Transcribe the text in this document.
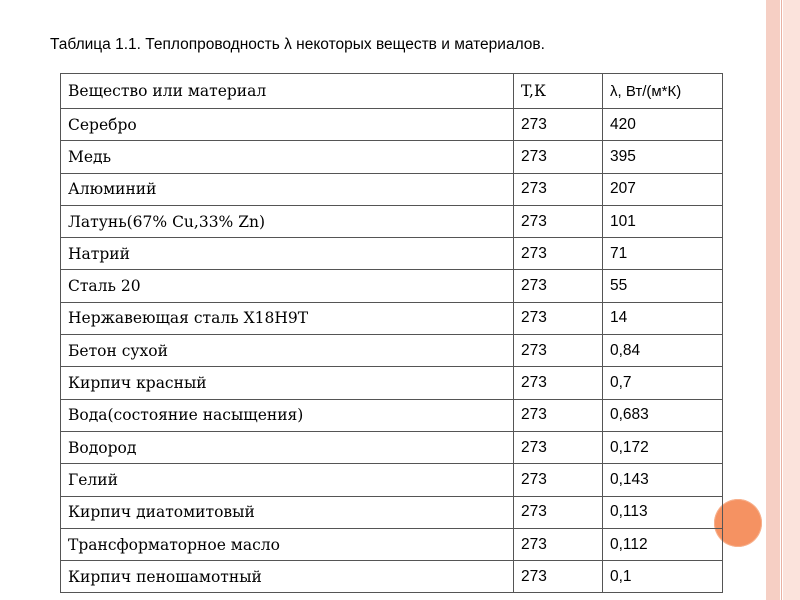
Таблица 1.1. Теплопроводность λ некоторых веществ и материалов.
Вещество или материал	T,К	λ, Вт/(м*К)
Серебро	273	420
Медь	273	395
Алюминий	273	207
Латунь(67% Cu,33% Zn)	273	101
Натрий	273	71
Сталь 20	273	55
Нержавеющая сталь Х18Н9Т	273	14
Бетон сухой	273	0,84
Кирпич красный	273	0,7
Вода(состояние насыщения)	273	0,683
Водород	273	0,172
Гелий	273	0,143
Кирпич диатомитовый	273	0,113
Трансформаторное масло	273	0,112
Кирпич пеношамотный	273	0,1
